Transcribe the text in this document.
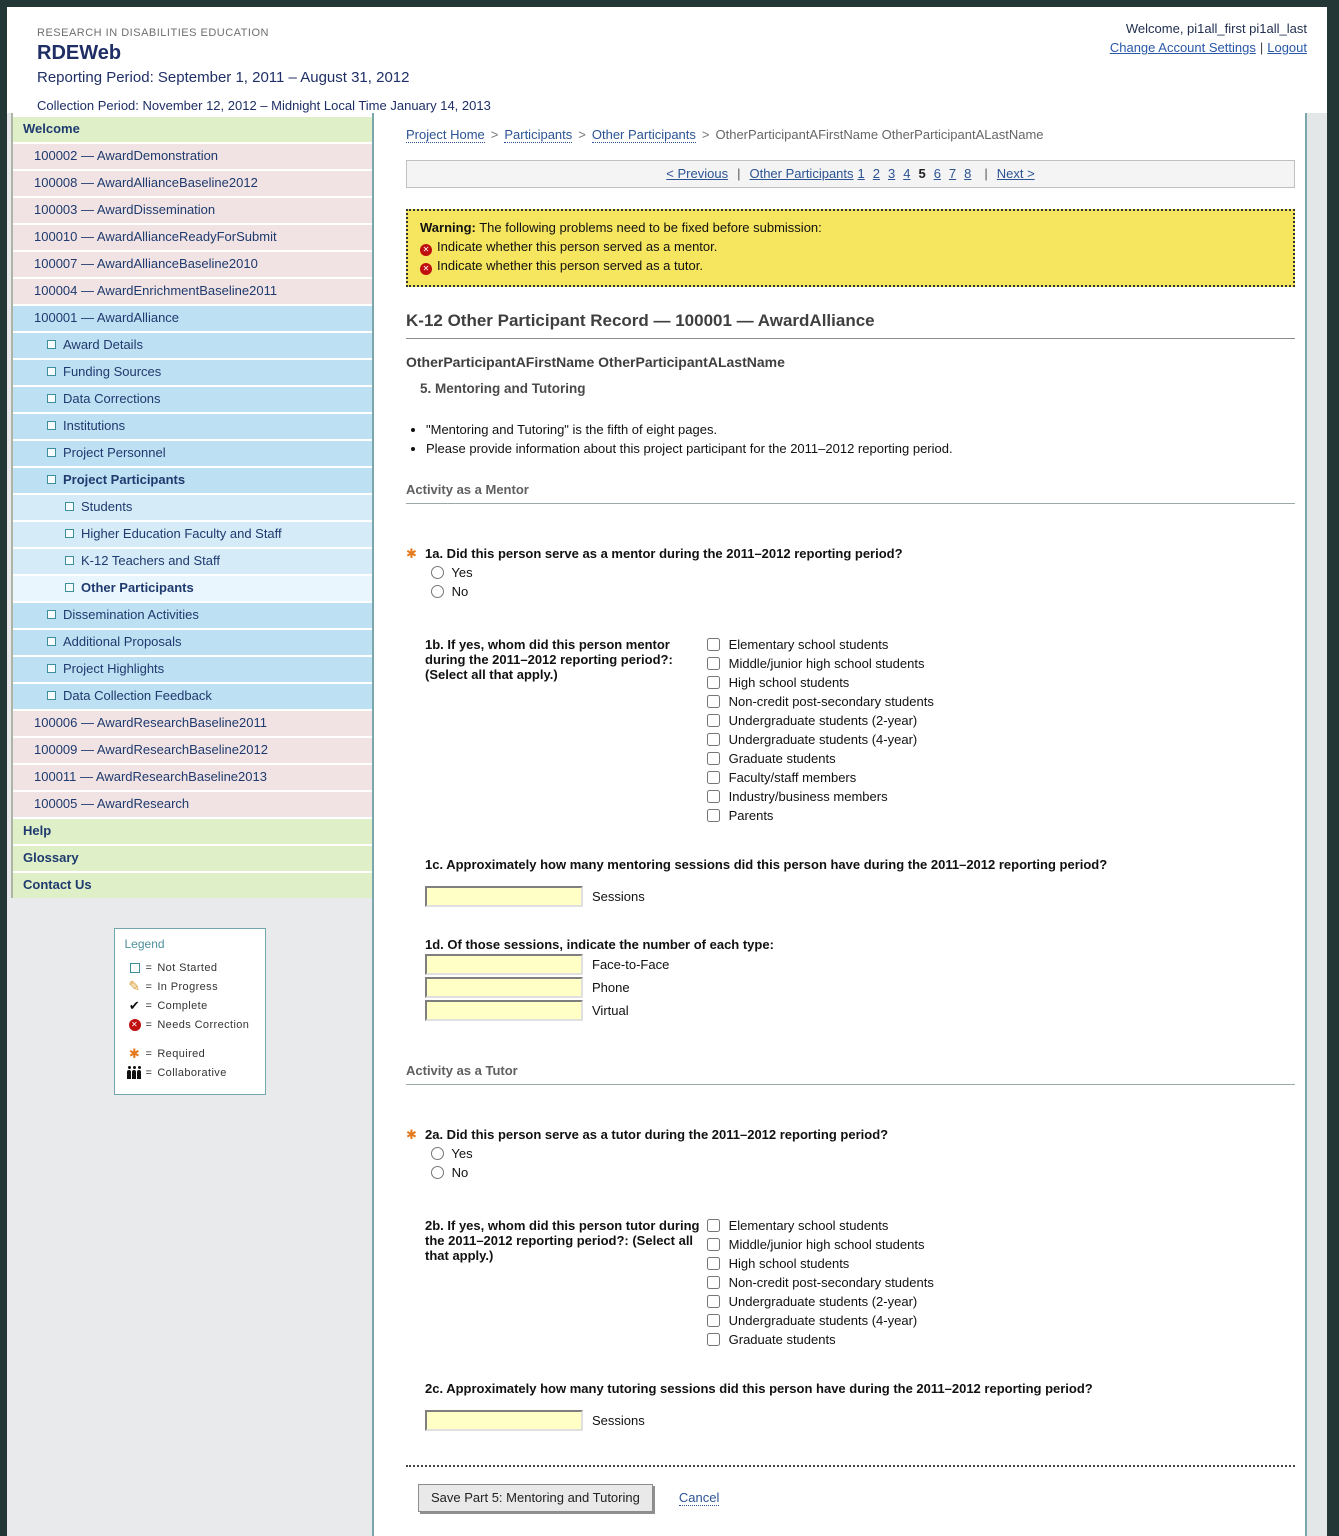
RESEARCH IN DISABILITIES EDUCATION
RDEWeb
Reporting Period: September 1, 2011 – August 31, 2012
Collection Period: November 12, 2012 – Midnight Local Time January 14, 2013
Welcome, pi1all_first pi1all_last
Change Account Settings | Logout
Welcome
100002 — AwardDemonstration
100008 — AwardAllianceBaseline2012
100003 — AwardDissemination
100010 — AwardAllianceReadyForSubmit
100007 — AwardAllianceBaseline2010
100004 — AwardEnrichmentBaseline2011
100001 — AwardAlliance
Award Details
Funding Sources
Data Corrections
Institutions
Project Personnel
Project Participants
Students
Higher Education Faculty and Staff
K-12 Teachers and Staff
Other Participants
Dissemination Activities
Additional Proposals
Project Highlights
Data Collection Feedback
100006 — AwardResearchBaseline2011
100009 — AwardResearchBaseline2012
100011 — AwardResearchBaseline2013
100005 — AwardResearch
Help
Glossary
Contact Us
Legend
= Not Started
✎
= In Progress
✔
= Complete
✕
= Needs Correction
✱
= Required
= Collaborative
Project Home > Participants > Other Participants > OtherParticipantAFirstName OtherParticipantALastName
< Previous | Other Participants 1 2 3 4 5 6 7 8 | Next >
Warning: The following problems need to be fixed before submission:
✕Indicate whether this person served as a mentor.
✕Indicate whether this person served as a tutor.
K-12 Other Participant Record — 100001 — AwardAlliance
OtherParticipantAFirstName OtherParticipantALastName
5. Mentoring and Tutoring
• "Mentoring and Tutoring" is the fifth of eight pages.
• Please provide information about this project participant for the 2011–2012 reporting period.
Activity as a Mentor
✱ 1a. Did this person serve as a mentor during the 2011–2012 reporting period?
Yes
No
1b. If yes, whom did this person mentor during the 2011–2012 reporting period?: (Select all that apply.)
Elementary school students
Middle/junior high school students
High school students
Non-credit post-secondary students
Undergraduate students (2-year)
Undergraduate students (4-year)
Graduate students
Faculty/staff members
Industry/business members
Parents
1c. Approximately how many mentoring sessions did this person have during the 2011–2012 reporting period?
Sessions
1d. Of those sessions, indicate the number of each type:
Face-to-Face
Phone
Virtual
Activity as a Tutor
✱ 2a. Did this person serve as a tutor during the 2011–2012 reporting period?
Yes
No
2b. If yes, whom did this person tutor during the 2011–2012 reporting period?: (Select all that apply.)
Elementary school students
Middle/junior high school students
High school students
Non-credit post-secondary students
Undergraduate students (2-year)
Undergraduate students (4-year)
Graduate students
2c. Approximately how many tutoring sessions did this person have during the 2011–2012 reporting period?
Sessions
Save Part 5: Mentoring and Tutoring	Cancel
